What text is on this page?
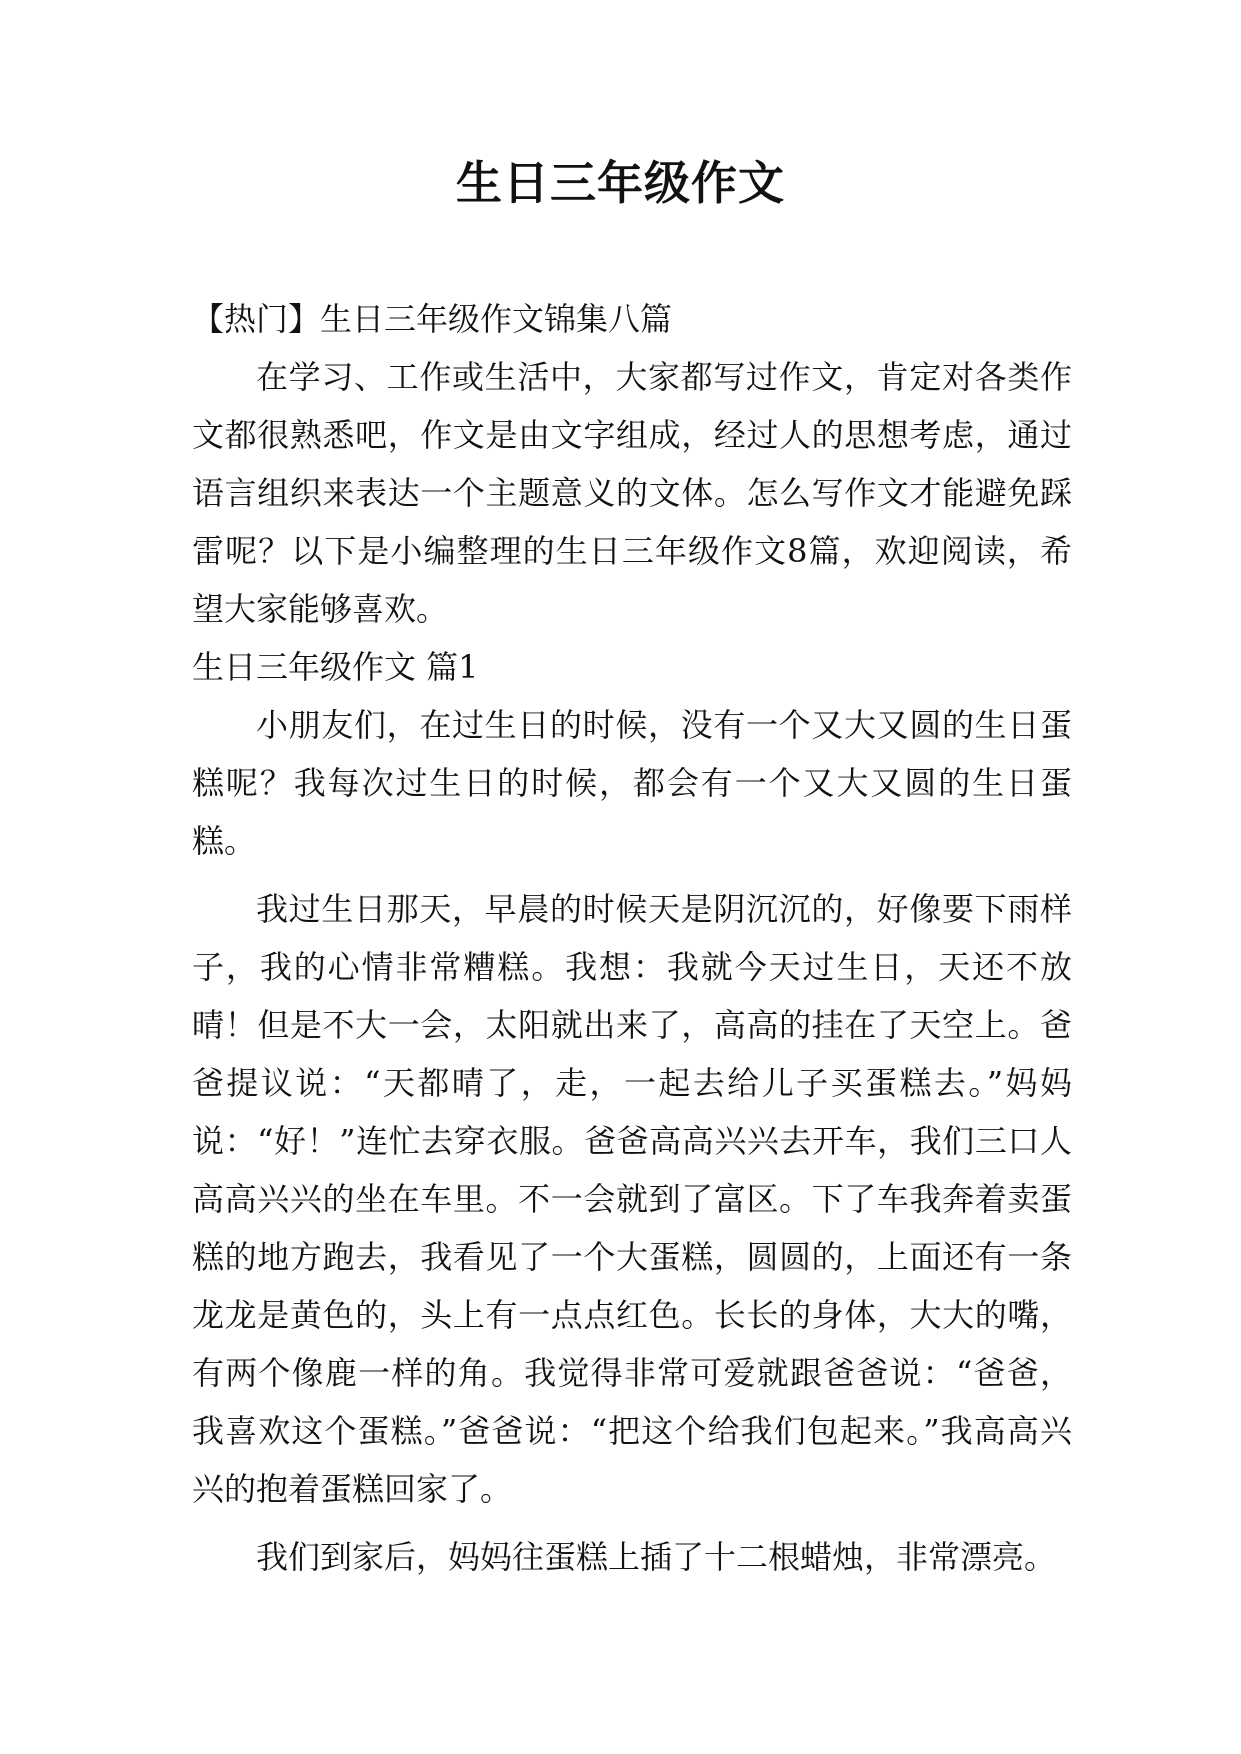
生日三年级作文

【热门】生日三年级作文锦集八篇

在学习、工作或生活中，大家都写过作文，肯定对各类作文都很熟悉吧，作文是由文字组成，经过人的思想考虑，通过语言组织来表达一个主题意义的文体。怎么写作文才能避免踩雷呢？以下是小编整理的生日三年级作文8篇，欢迎阅读，希望大家能够喜欢。

生日三年级作文 篇1

小朋友们，在过生日的时候，没有一个又大又圆的生日蛋糕呢？我每次过生日的时候，都会有一个又大又圆的生日蛋糕。

我过生日那天，早晨的时候天是阴沉沉的，好像要下雨样子，我的心情非常糟糕。我想：我就今天过生日，天还不放晴！但是不大一会，太阳就出来了，高高的挂在了天空上。爸爸提议说：“天都晴了，走，一起去给儿子买蛋糕去。”妈妈说：“好！”连忙去穿衣服。爸爸高高兴兴去开车，我们三口人高高兴兴的坐在车里。不一会就到了富区。下了车我奔着卖蛋糕的地方跑去，我看见了一个大蛋糕，圆圆的，上面还有一条龙龙是黄色的，头上有一点点红色。长长的身体，大大的嘴，有两个像鹿一样的角。我觉得非常可爱就跟爸爸说：“爸爸，我喜欢这个蛋糕。”爸爸说：“把这个给我们包起来。”我高高兴兴的抱着蛋糕回家了。

我们到家后，妈妈往蛋糕上插了十二根蜡烛，非常漂亮。
